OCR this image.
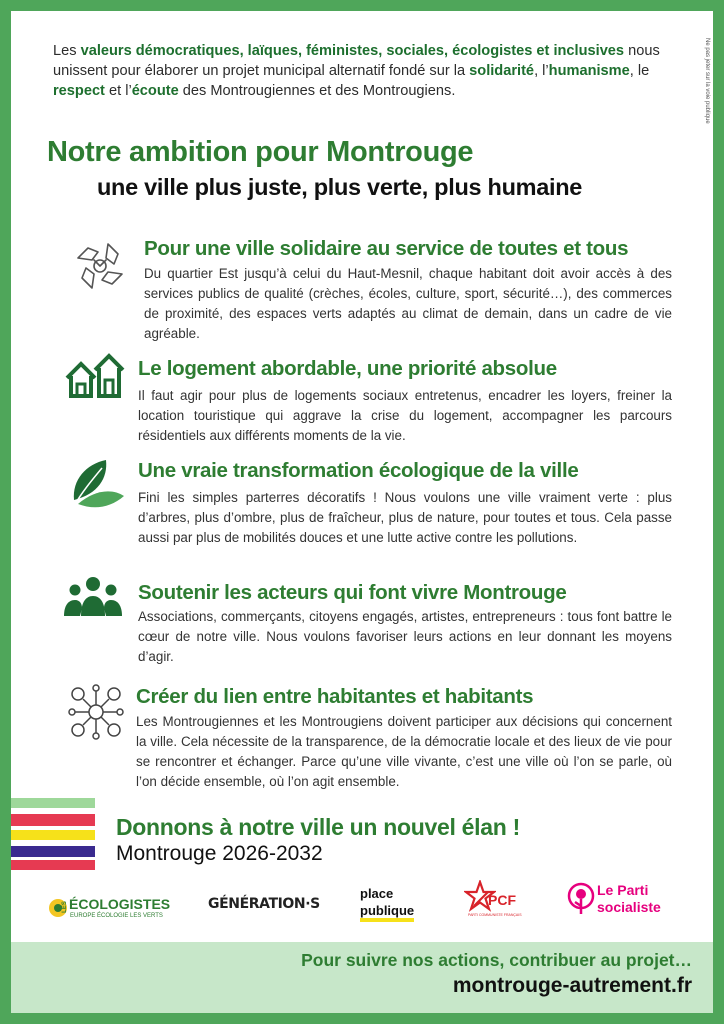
Les valeurs démocratiques, laïques, féministes, sociales, écologistes et inclusives nous unissent pour élaborer un projet municipal alternatif fondé sur la solidarité, l’humanisme, le respect et l’écoute des Montrougiennes et des Montrougiens.	Ne pas jeter sur la voie publique
Notre ambition pour Montrouge
une ville plus juste, plus verte, plus humaine
Pour une ville solidaire au service de toutes et tous
Du quartier Est jusqu’à celui du Haut-Mesnil, chaque habitant doit avoir accès à des services publics de qualité (crèches, écoles, culture, sport, sécurité…), des commerces de proximité, des espaces verts adaptés au climat de demain, dans un cadre de vie agréable.
Le logement abordable, une priorité absolue
Il faut agir pour plus de logements sociaux entretenus, encadrer les loyers, freiner la location touristique qui aggrave la crise du logement, accompagner les parcours résidentiels aux différents moments de la vie.
Une vraie transformation écologique de la ville
Fini les simples parterres décoratifs ! Nous voulons une ville vraiment verte : plus d’arbres, plus d’ombre, plus de fraîcheur, plus de nature, pour toutes et tous. Cela passe aussi par plus de mobilités douces et une lutte active contre les pollutions.
Soutenir les acteurs qui font vivre Montrouge
Associations, commerçants, citoyens engagés, artistes, entrepreneurs : tous font battre le cœur de notre ville. Nous voulons favoriser leurs actions en leur donnant les moyens d’agir.
Créer du lien entre habitantes et habitants
Les Montrougiennes et les Montrougiens doivent participer aux décisions qui concernent la ville. Cela nécessite de la transparence, de la démocratie locale et des lieux de vie pour se rencontrer et échanger. Parce qu’une ville vivante, c’est une ville où l’on se parle, où l’on décide ensemble, où l’on agit ensemble.
Donnons à notre ville un nouvel élan !
Montrouge 2026-2032
LES ÉCOLOGISTES
EUROPE ÉCOLOGIE LES VERTS
GÉNÉRATION·S
place
publique
PCF
PARTI COMMUNISTE FRANÇAIS
Le Parti
socialiste
Pour suivre nos actions, contribuer au projet…
montrouge-autrement.fr
